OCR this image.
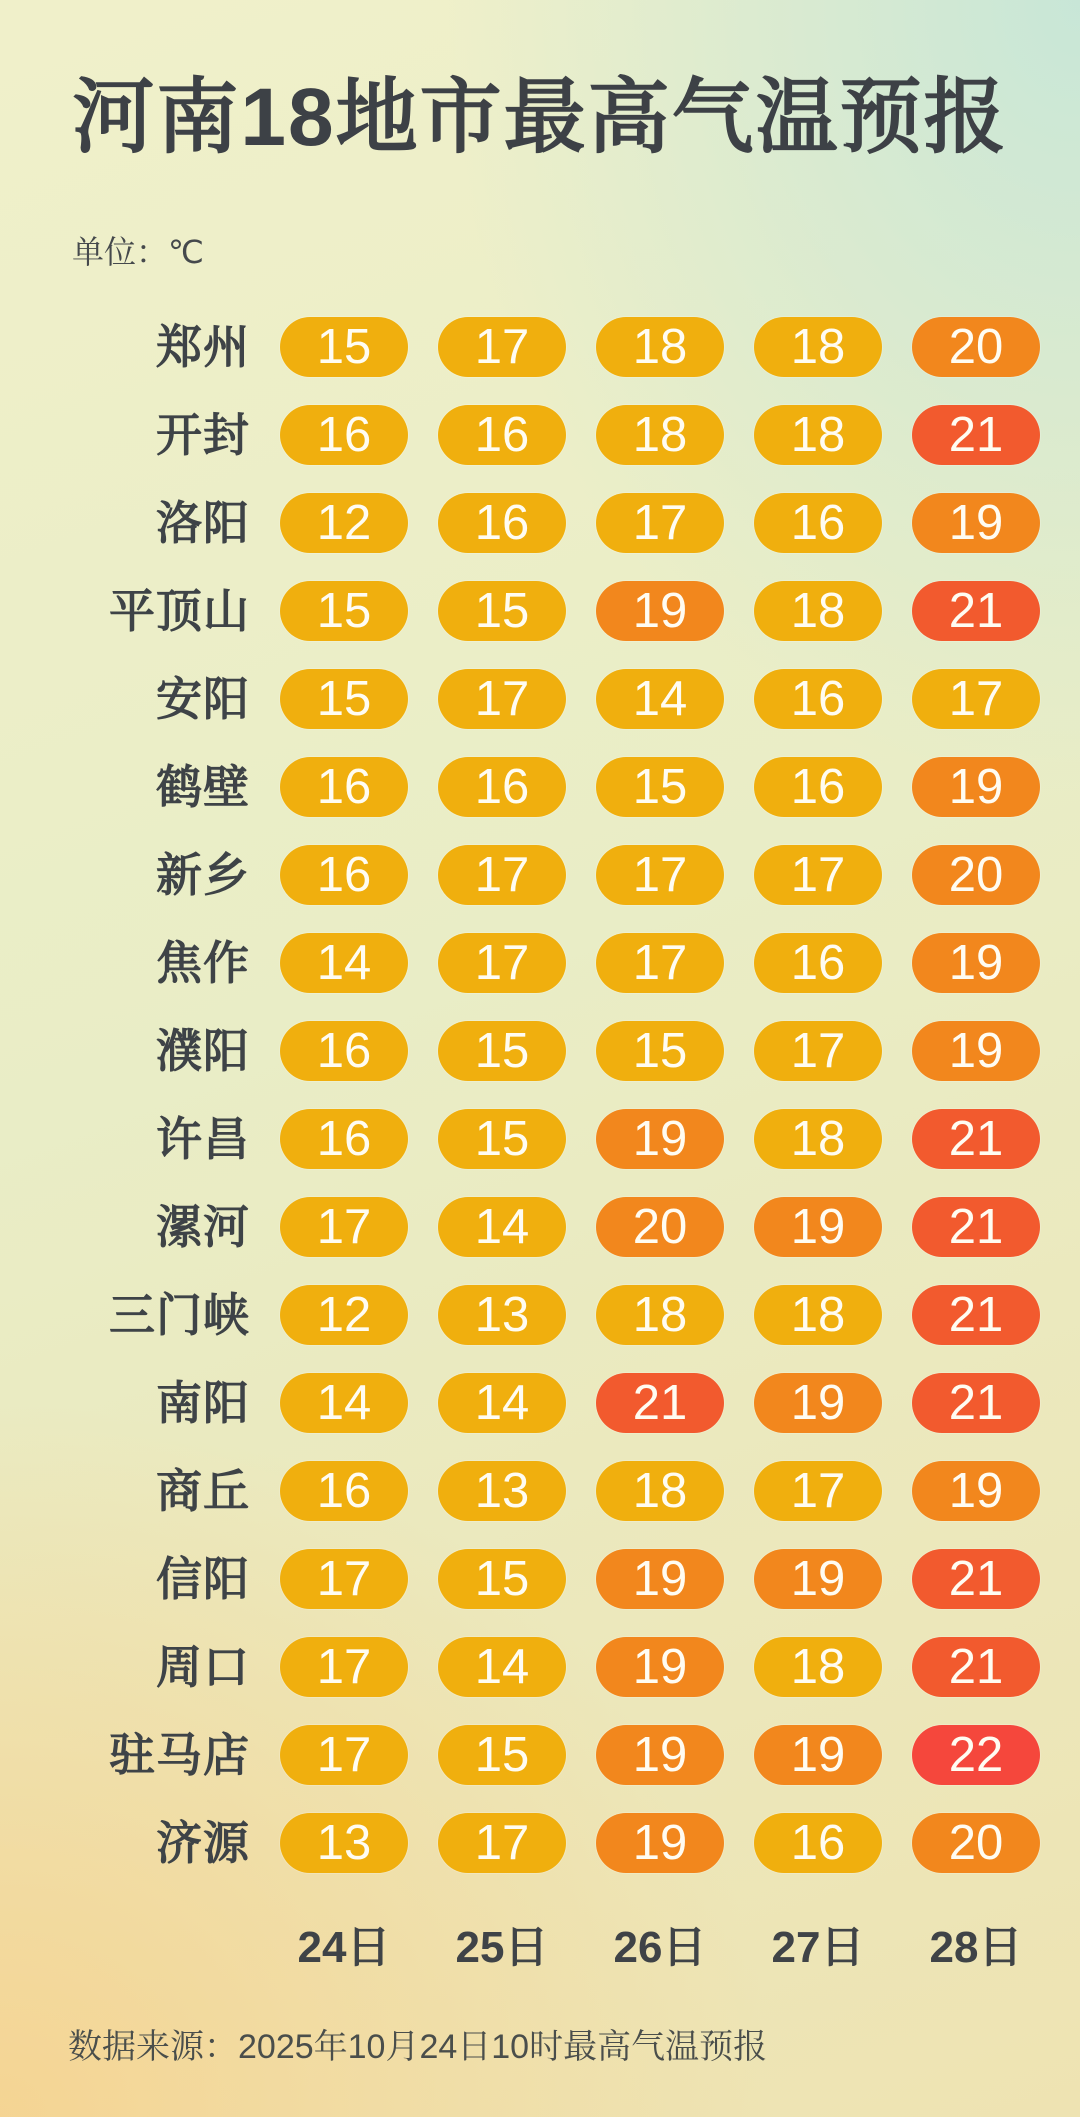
河南18地市最高气温预报
单位：℃
郑州	15	17	18	18	20
开封	16	16	18	18	21
洛阳	12	16	17	16	19
平顶山	15	15	19	18	21
安阳	15	17	14	16	17
鹤壁	16	16	15	16	19
新乡	16	17	17	17	20
焦作	14	17	17	16	19
濮阳	16	15	15	17	19
许昌	16	15	19	18	21
漯河	17	14	20	19	21
三门峡	12	13	18	18	21
南阳	14	14	21	19	21
商丘	16	13	18	17	19
信阳	17	15	19	19	21
周口	17	14	19	18	21
驻马店	17	15	19	19	22
济源	13	17	19	16	20
24日	25日	26日	27日	28日
数据来源：2025年10月24日10时最高气温预报
